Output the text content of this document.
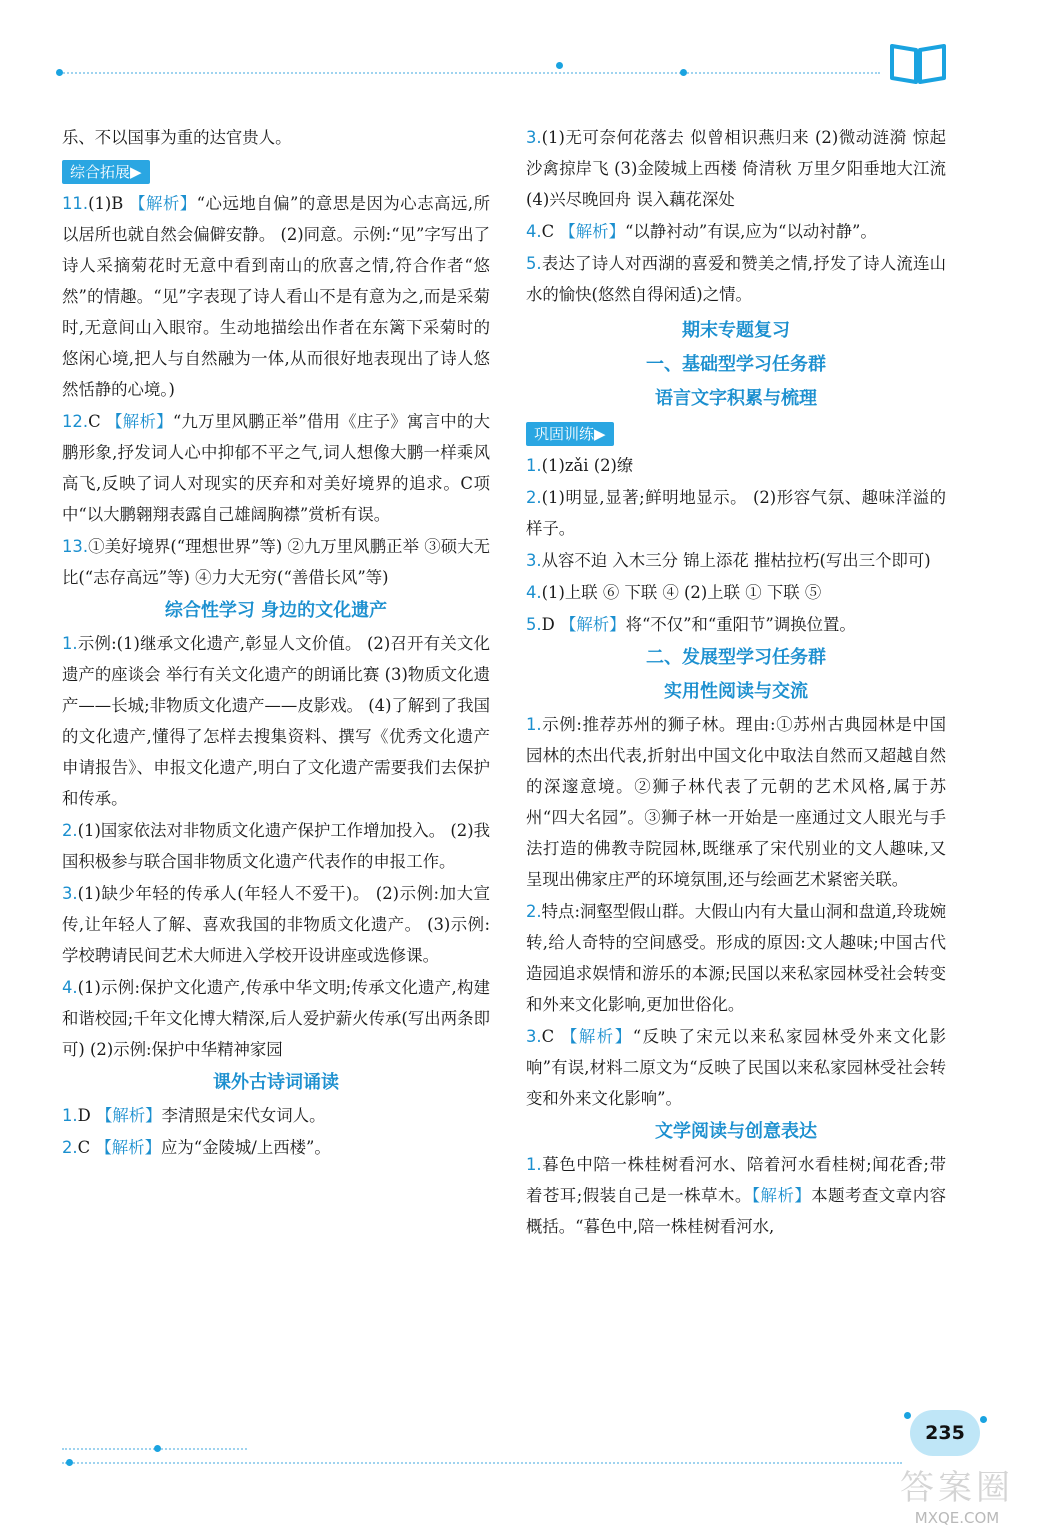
乐、不以国事为重的达官贵人。

综合拓展▶

11.(1)B 【解析】“心远地自偏”的意思是因为心志高远,所以居所也就自然会偏僻安静。 (2)同意。示例:“见”字写出了诗人采摘菊花时无意中看到南山的欣喜之情,符合作者“悠然”的情趣。“见”字表现了诗人看山不是有意为之,而是采菊时,无意间山入眼帘。生动地描绘出作者在东篱下采菊时的悠闲心境,把人与自然融为一体,从而很好地表现出了诗人悠然恬静的心境。)

12.C 【解析】“九万里风鹏正举”借用《庄子》寓言中的大鹏形象,抒发词人心中抑郁不平之气,词人想像大鹏一样乘风高飞,反映了词人对现实的厌弃和对美好境界的追求。C项中“以大鹏翱翔表露自己雄阔胸襟”赏析有误。

13.①美好境界(“理想世界”等) ②九万里风鹏正举 ③硕大无比(“志存高远”等) ④力大无穷(“善借长风”等)

综合性学习 身边的文化遗产

1.示例:(1)继承文化遗产,彰显人文价值。 (2)召开有关文化遗产的座谈会 举行有关文化遗产的朗诵比赛 (3)物质文化遗产——长城;非物质文化遗产——皮影戏。 (4)了解到了我国的文化遗产,懂得了怎样去搜集资料、撰写《优秀文化遗产申请报告》、申报文化遗产,明白了文化遗产需要我们去保护和传承。

2.(1)国家依法对非物质文化遗产保护工作增加投入。 (2)我国积极参与联合国非物质文化遗产代表作的申报工作。

3.(1)缺少年轻的传承人(年轻人不爱干)。 (2)示例:加大宣传,让年轻人了解、喜欢我国的非物质文化遗产。 (3)示例:学校聘请民间艺术大师进入学校开设讲座或选修课。

4.(1)示例:保护文化遗产,传承中华文明;传承文化遗产,构建和谐校园;千年文化博大精深,后人爱护薪火传承(写出两条即可) (2)示例:保护中华精神家园

课外古诗词诵读

1.D 【解析】李清照是宋代女词人。

2.C 【解析】应为“金陵城/上西楼”。

3.(1)无可奈何花落去 似曾相识燕归来 (2)微动涟漪 惊起沙禽掠岸飞 (3)金陵城上西楼 倚清秋 万里夕阳垂地大江流 (4)兴尽晚回舟 误入藕花深处

4.C 【解析】“以静衬动”有误,应为“以动衬静”。

5.表达了诗人对西湖的喜爱和赞美之情,抒发了诗人流连山水的愉快(悠然自得闲适)之情。

期末专题复习
一、基础型学习任务群
语言文字积累与梳理
巩固训练▶

1.(1)zǎi (2)缭

2.(1)明显,显著;鲜明地显示。 (2)形容气氛、趣味洋溢的样子。

3.从容不迫 入木三分 锦上添花 摧枯拉朽(写出三个即可)

4.(1)上联 ⑥ 下联 ④ (2)上联 ① 下联 ⑤

5.D 【解析】将“不仅”和“重阳节”调换位置。

二、发展型学习任务群
实用性阅读与交流

1.示例:推荐苏州的狮子林。理由:①苏州古典园林是中国园林的杰出代表,折射出中国文化中取法自然而又超越自然的深邃意境。②狮子林代表了元朝的艺术风格,属于苏州“四大名园”。③狮子林一开始是一座通过文人眼光与手法打造的佛教寺院园林,既继承了宋代别业的文人趣味,又呈现出佛家庄严的环境氛围,还与绘画艺术紧密关联。

2.特点:洞壑型假山群。大假山内有大量山洞和盘道,玲珑婉转,给人奇特的空间感受。形成的原因:文人趣味;中国古代造园追求娱情和游乐的本源;民国以来私家园林受社会转变和外来文化影响,更加世俗化。

3.C 【解析】“反映了宋元以来私家园林受外来文化影响”有误,材料二原文为“反映了民国以来私家园林受社会转变和外来文化影响”。

文学阅读与创意表达

1.暮色中陪一株桂树看河水、陪着河水看桂树;闻花香;带着苍耳;假装自己是一株草木。【解析】本题考查文章内容概括。“暮色中,陪一株桂树看河水,

235
答案圈
MXQE.COM
